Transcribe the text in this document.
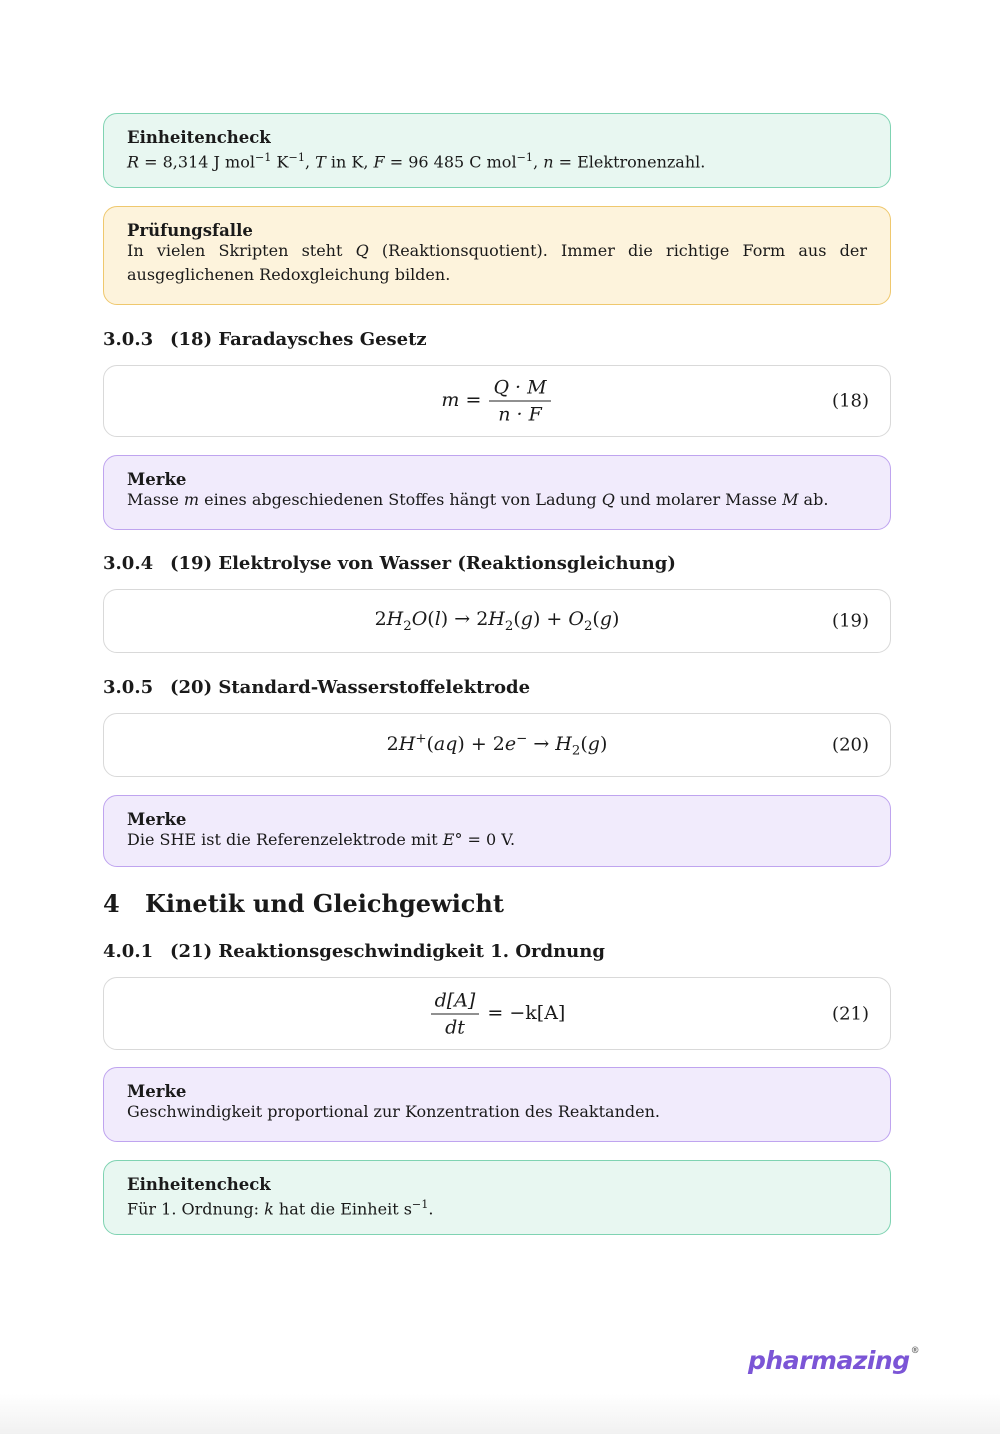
Einheitencheck
R = 8,314 J mol$^{-1}$ $K^{-1}$, T in K, F = 96 485 C mol$^{-1}$, n = Elektronenzahl.
Prüfungsfalle
In vielen Skripten steht Q (Reaktionsquotient). Immer die richtige Form aus der ausgeglichenen Redoxgleichung bilden.
3.0.3 (18) Faradaysches Gesetz
$m = \frac{Q \cdot M}{n \cdot F}$	(18)
Merke
Masse m eines abgeschiedenen Stoffes hängt von Ladung Q und molarer Masse M ab.
3.0.4 (19) Elektrolyse von Wasser (Reaktionsgleichung)
$2H_2O(l) \to 2H_2(g) + O_2(g)$	(19)
3.0.5 (20) Standard-Wasserstoffelektrode
$2H^+(aq) + 2e^- \to H_2(g)$	(20)
Merke
Die SHE ist die Referenzelektrode mit E° = 0 V.
4 Kinetik und Gleichgewicht
4.0.1 (21) Reaktionsgeschwindigkeit 1. Ordnung
$\frac{d[A]}{dt} = -k[A]$	(21)
Merke
Geschwindigkeit proportional zur Konzentration des Reaktanden.
Einheitencheck
Für 1. Ordnung: k hat die Einheit $s^{-1}$.
pharmazing®
